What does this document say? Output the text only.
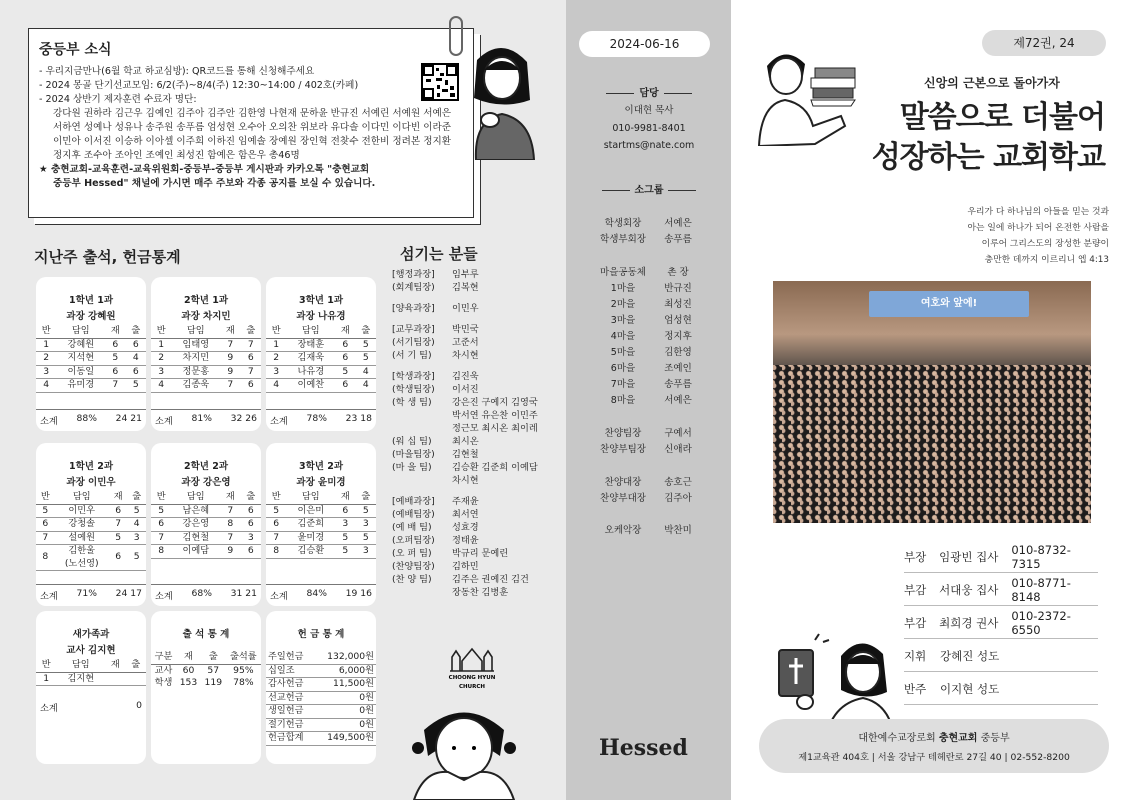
중등부 소식

- 우리지금만나(6월 학교 하교심방): QR코드를 통해 신청해주세요

- 2024 몽골 단기선교모임: 6/2(주)~8/4(주) 12:30~14:00 / 402호(카페)

- 2024 상반기 제자훈련 수료자 명단:

강다원 권하라 김근우 김예인 김주아 김주안 김한영 나현재 문하윤 반규진 서예린 서예원 서예은 서하연 성예나 성유나 송주원 송푸름 엄성현 오수아 오의찬 위보라 유다솔 이다민 이다빈 이라준 이민아 이서진 이승하 이아셀 이주희 이하진 임예솔 장예원 장인혁 전찾수 전한비 정려본 정지환 정지후 조수아 조아인 조예인 최성진 함예은 함은우 총46명

★ 충현교회-교육훈련-교육위원회-중등부-중등부 게시판과 카카오톡 "충현교회

중등부 Hessed" 채널에 가시면 매주 주보와 각종 공지를 보실 수 있습니다.

지난주 출석, 헌금통계	섬기는 분들
1학년 1과
과장 강혜원
반	담임	재	출
1	강혜원	6	6
2	지석현	5	4
3	이동일	6	6
4	유미경	7	5
소계 88% 24 21
2학년 1과
과장 차지민
반	담임	재	출
1	임태영	7	7
2	차지민	9	6
3	정문홍	9	7
4	김종욱	7	6
소계 81% 32 26
3학년 1과
과장 나유경
반	담임	재	출
1	장태훈	6	5
2	김재욱	6	5
3	나유경	5	4
4	이예찬	6	4
소계 78% 23 18
1학년 2과
과장 이민우
반	담임	재	출
5	이민우	6	5
6	강청솔	7	4
7	설예원	5	3
8	김한울
(노선영)	6	5
소계 71% 24 17
2학년 2과
과장 강은영
반	담임	재	출
5	남은혜	7	6
6	강은영	8	6
7	김현철	7	3
8	이예담	9	6
소계 68% 31 21
3학년 2과
과장 윤미경
반	담임	재	출
5	이은미	6	5
6	김준희	3	3
7	윤미경	5	5
8	김승환	5	3
소계 84% 19 16
새가족과
교사 김지현
반	담임	재	출
1	김지현		
소계	0
출 석 통 계
구분	재	출	출석률
교사	60	57	95%
학생	153	119	78%
헌 금 통 계
주일헌금	132,000원
십일조	6,000원
감사헌금	11,500원
선교헌금	0원
생일헌금	0원
절기헌금	0원
헌금합계	149,500원
[행정과장]	임부루
(회계팀장)	김복현
[양육과장]	이민우
[교무과장]	박민국
(서기팀장)	고준서
(서 기 팀)	차시현
[학생과장]	김진욱
(학생팀장)	이서진
(학 생 팀)	강은진 구예지 김영국
박서연 유은찬 이민주
정근모 최시온 최이레
(워 십 팀)	최시온
(마을팀장)	김현철
(마 을 팀)	김승환 김준희 이예담
차시현
[예배과장]	주재윤
(예배팀장)	최서연
(예 배 팀)	성효경
(오퍼팀장)	정태윤
(오 퍼 팀)	박규리 문예린
(찬양팀장)	김하민
(찬 양 팀)	김주은 권예진 김건
장동찬 김병훈
CHOONG HYUN
CHURCH
2024-06-16
담당
이대현 목사
010-9981-8401
startms@nate.com
소그룹
학생회장	서예은
학생부회장	송푸름
마을공동체	촌 장
1마을	반규진
2마을	최성진
3마을	엄성현
4마을	정지후
5마을	김한영
6마을	조예인
7마을	송푸름
8마을	서예은
찬양팀장	구예서
찬양부팀장	신애라
찬양대장	송호근
찬양부대장	김주아
오케악장	박찬미
Hessed
제72권, 24
신앙의 근본으로 돌아가자
말씀으로 더불어
성장하는 교회학교
우리가 다 하나님의 아들을 믿는 것과
아는 일에 하나가 되어 온전한 사람을
이루어 그리스도의 장성한 분량이
충만한 데까지 이르리니 엡 4:13
여호와 앞에!
부장	임광빈 집사	010-8732-7315
부감	서대웅 집사	010-8771-8148
부감	최희경 권사	010-2372-6550
지휘	강혜진 성도
반주	이지현 성도
대한예수교장로회 충현교회 중등부
제1교육관 404호 | 서울 강남구 테헤란로 27길 40 | 02-552-8200
